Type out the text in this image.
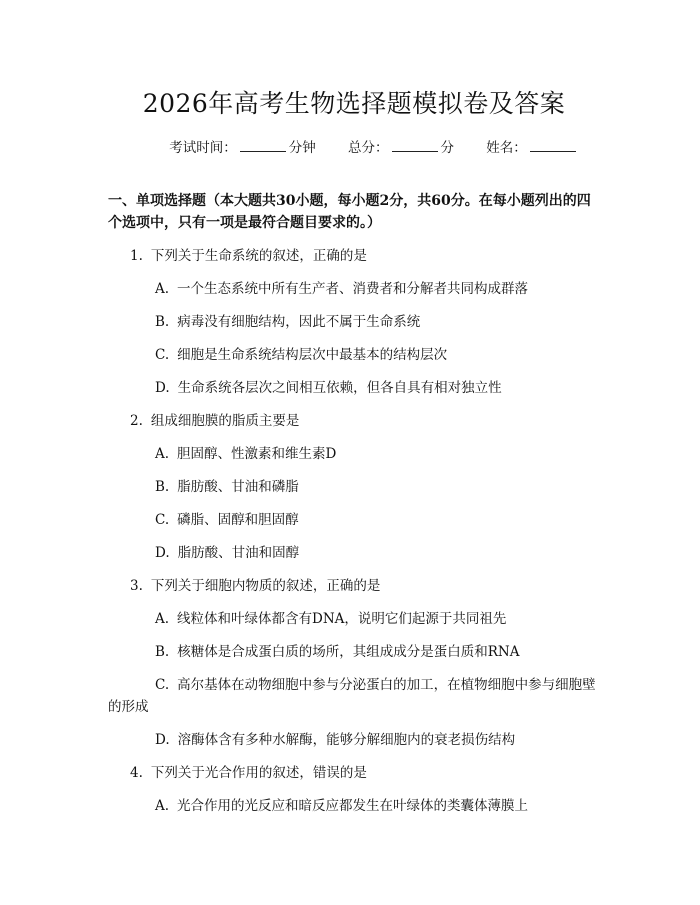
2026年高考生物选择题模拟卷及答案
考试时间：	分钟 总分：	分 姓名：
一、单项选择题（本大题共30小题，每小题2分，共60分。在每小题列出的四个选项中，只有一项是最符合题目要求的。）
1. 下列关于生命系统的叙述，正确的是
A. 一个生态系统中所有生产者、消费者和分解者共同构成群落
B. 病毒没有细胞结构，因此不属于生命系统
C. 细胞是生命系统结构层次中最基本的结构层次
D. 生命系统各层次之间相互依赖，但各自具有相对独立性
2. 组成细胞膜的脂质主要是
A. 胆固醇、性激素和维生素D
B. 脂肪酸、甘油和磷脂
C. 磷脂、固醇和胆固醇
D. 脂肪酸、甘油和固醇
3. 下列关于细胞内物质的叙述，正确的是
A. 线粒体和叶绿体都含有DNA，说明它们起源于共同祖先
B. 核糖体是合成蛋白质的场所，其组成成分是蛋白质和RNA
C. 高尔基体在动物细胞中参与分泌蛋白的加工，在植物细胞中参与细胞壁的形成
D. 溶酶体含有多种水解酶，能够分解细胞内的衰老损伤结构
4. 下列关于光合作用的叙述，错误的是
A. 光合作用的光反应和暗反应都发生在叶绿体的类囊体薄膜上
